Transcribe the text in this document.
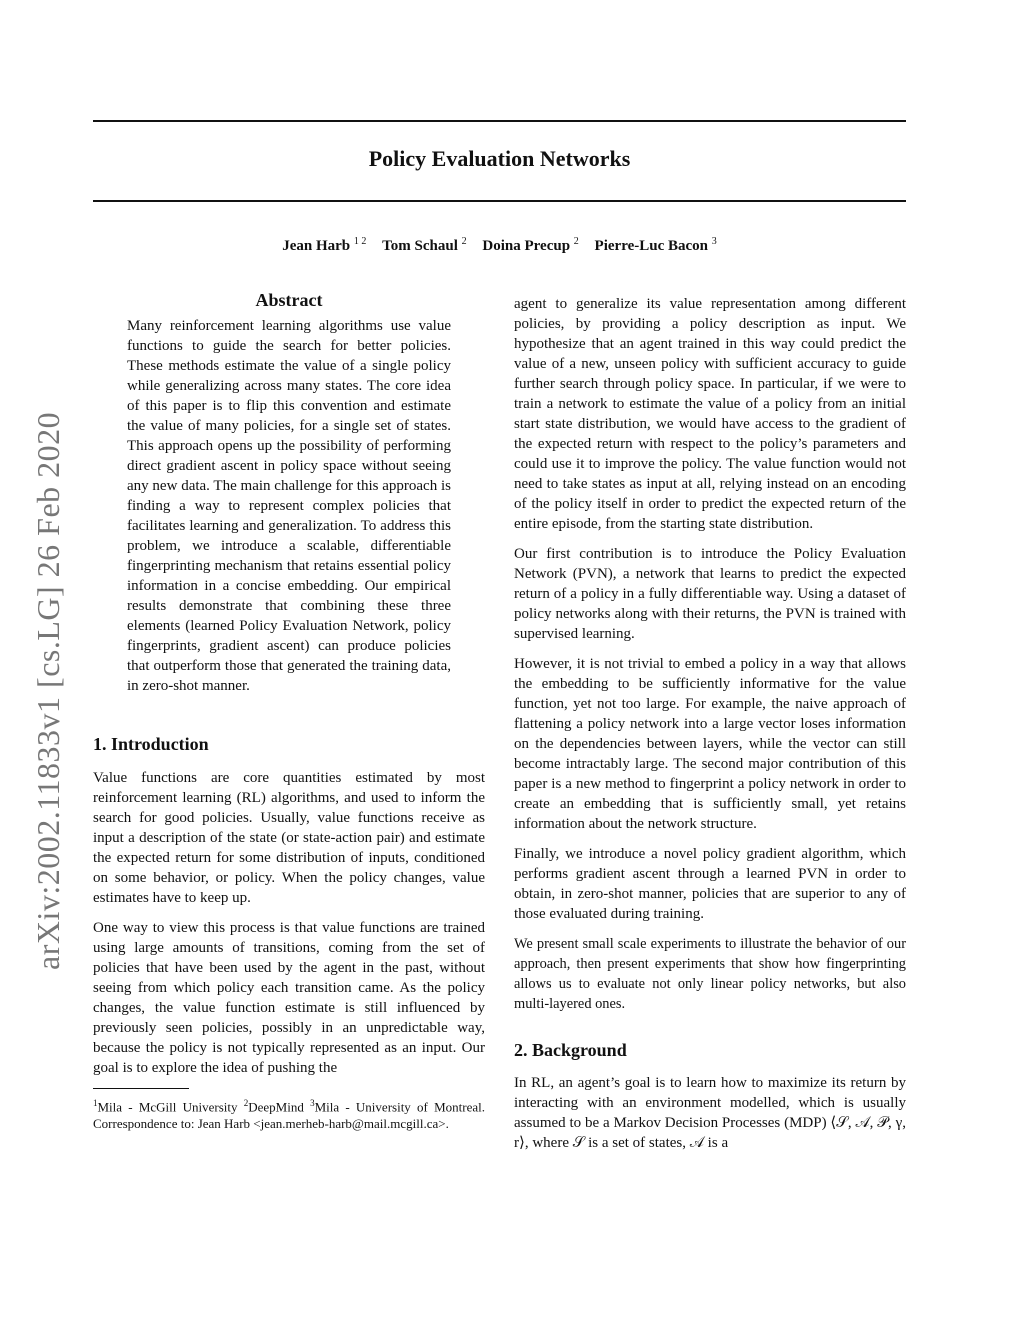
Policy Evaluation Networks
Jean Harb $^{1 2}$ Tom Schaul $^2$ Doina Precup $^2$ Pierre-Luc Bacon $^3$
arXiv:2002.11833v1 [cs.LG] 26 Feb 2020
Abstract

Many reinforcement learning algorithms use value functions to guide the search for better policies. These methods estimate the value of a single policy while generalizing across many states. The core idea of this paper is to flip this convention and estimate the value of many policies, for a single set of states. This approach opens up the possibility of performing direct gradient ascent in policy space without seeing any new data. The main challenge for this approach is finding a way to represent complex policies that facilitates learning and generalization. To address this problem, we introduce a scalable, differentiable fingerprinting mechanism that retains essential policy information in a concise embedding. Our empirical results demonstrate that combining these three elements (learned Policy Evaluation Network, policy fingerprints, gradient ascent) can produce policies that outperform those that generated the training data, in zero-shot manner.

1. Introduction

Value functions are core quantities estimated by most reinforcement learning (RL) algorithms, and used to inform the search for good policies. Usually, value functions receive as input a description of the state (or state-action pair) and estimate the expected return for some distribution of inputs, conditioned on some behavior, or policy. When the policy changes, value estimates have to keep up.

One way to view this process is that value functions are trained using large amounts of transitions, coming from the set of policies that have been used by the agent in the past, without seeing from which policy each transition came. As the policy changes, the value function estimate is still influenced by previously seen policies, possibly in an unpredictable way, because the policy is not typically represented as an input. Our goal is to explore the idea of pushing the

$^1$Mila - McGill University $^2$DeepMind $^3$Mila - University of Montreal. Correspondence to: Jean Harb <jean.merheb-harb@mail.mcgill.ca>.

agent to generalize its value representation among different policies, by providing a policy description as input. We hypothesize that an agent trained in this way could predict the value of a new, unseen policy with sufficient accuracy to guide further search through policy space. In particular, if we were to train a network to estimate the value of a policy from an initial start state distribution, we would have access to the gradient of the expected return with respect to the policy’s parameters and could use it to improve the policy. The value function would not need to take states as input at all, relying instead on an encoding of the policy itself in order to predict the expected return of the entire episode, from the starting state distribution.

Our first contribution is to introduce the Policy Evaluation Network (PVN), a network that learns to predict the expected return of a policy in a fully differentiable way. Using a dataset of policy networks along with their returns, the PVN is trained with supervised learning.

However, it is not trivial to embed a policy in a way that allows the embedding to be sufficiently informative for the value function, yet not too large. For example, the naive approach of flattening a policy network into a large vector loses information on the dependencies between layers, while the vector can still become intractably large. The second major contribution of this paper is a new method to fingerprint a policy network in order to create an embedding that is sufficiently small, yet retains information about the network structure.

Finally, we introduce a novel policy gradient algorithm, which performs gradient ascent through a learned PVN in order to obtain, in zero-shot manner, policies that are superior to any of those evaluated during training.

We present small scale experiments to illustrate the behavior of our approach, then present experiments that show how fingerprinting allows us to evaluate not only linear policy networks, but also multi-layered ones.

2. Background

In RL, an agent’s goal is to learn how to maximize its return by interacting with an environment modelled, which is usually assumed to be a Markov Decision Processes (MDP) ⟨𝒮, 𝒜, 𝒫, γ, r⟩, where 𝒮 is a set of states, 𝒜 is a
